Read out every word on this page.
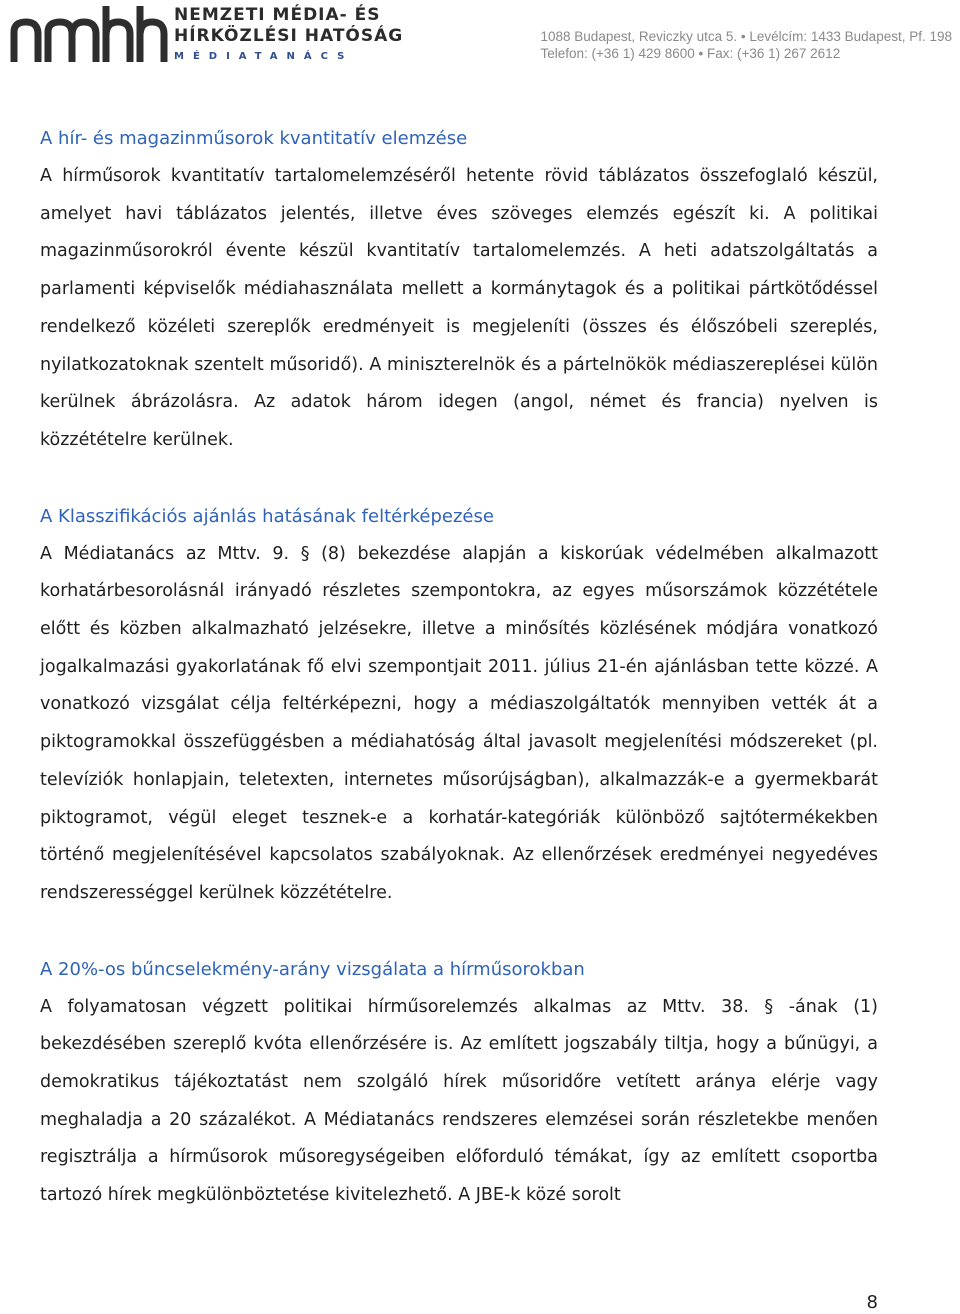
NEMZETI MÉDIA- ÉS
HÍRKÖZLÉSI HATÓSÁG
MÉDIATANÁCS
1088 Budapest, Reviczky utca 5. • Levélcím: 1433 Budapest, Pf. 198
Telefon: (+36 1) 429 8600 • Fax: (+36 1) 267 2612
A hír- és magazinműsorok kvantitatív elemzése

A hírműsorok kvantitatív tartalomelemzéséről hetente rövid táblázatos összefoglaló készül, amelyet havi táblázatos jelentés, illetve éves szöveges elemzés egészít ki. A politikai magazinműsorokról évente készül kvantitatív tartalomelemzés. A heti adatszolgáltatás a parlamenti képviselők médiahasználata mellett a kormánytagok és a politikai pártkötődéssel rendelkező közéleti szereplők eredményeit is megjeleníti (összes és élőszóbeli szereplés, nyilatkozatoknak szentelt műsoridő). A miniszterelnök és a pártelnökök médiaszereplései külön kerülnek ábrázolásra. Az adatok három idegen (angol, német és francia) nyelven is közzétételre kerülnek.

A Klasszifikációs ajánlás hatásának feltérképezése

A Médiatanács az Mttv. 9. § (8) bekezdése alapján a kiskorúak védelmében alkalmazott korhatárbesorolásnál irányadó részletes szempontokra, az egyes műsorszámok közzététele előtt és közben alkalmazható jelzésekre, illetve a minősítés közlésének módjára vonatkozó jogalkalmazási gyakorlatának fő elvi szempontjait 2011. július 21-én ajánlásban tette közzé. A vonatkozó vizsgálat célja feltérképezni, hogy a médiaszolgáltatók mennyiben vették át a piktogramokkal összefüggésben a médiahatóság által javasolt megjelenítési módszereket (pl. televíziók honlapjain, teletexten, internetes műsorújságban), alkalmazzák-e a gyermekbarát piktogramot, végül eleget tesznek-e a korhatár-kategóriák különböző sajtótermékekben történő megjelenítésével kapcsolatos szabályoknak. Az ellenőrzések eredményei negyedéves rendszerességgel kerülnek közzétételre.

A 20%-os bűncselekmény-arány vizsgálata a hírműsorokban

A folyamatosan végzett politikai hírműsorelemzés alkalmas az Mttv. 38. § -ának (1) bekezdésében szereplő kvóta ellenőrzésére is. Az említett jogszabály tiltja, hogy a bűnügyi, a demokratikus tájékoztatást nem szolgáló hírek műsoridőre vetített aránya elérje vagy meghaladja a 20 százalékot. A Médiatanács rendszeres elemzései során részletekbe menően regisztrálja a hírműsorok műsoregységeiben előforduló témákat, így az említett csoportba tartozó hírek megkülönböztetése kivitelezhető. A JBE-k közé sorolt

8
